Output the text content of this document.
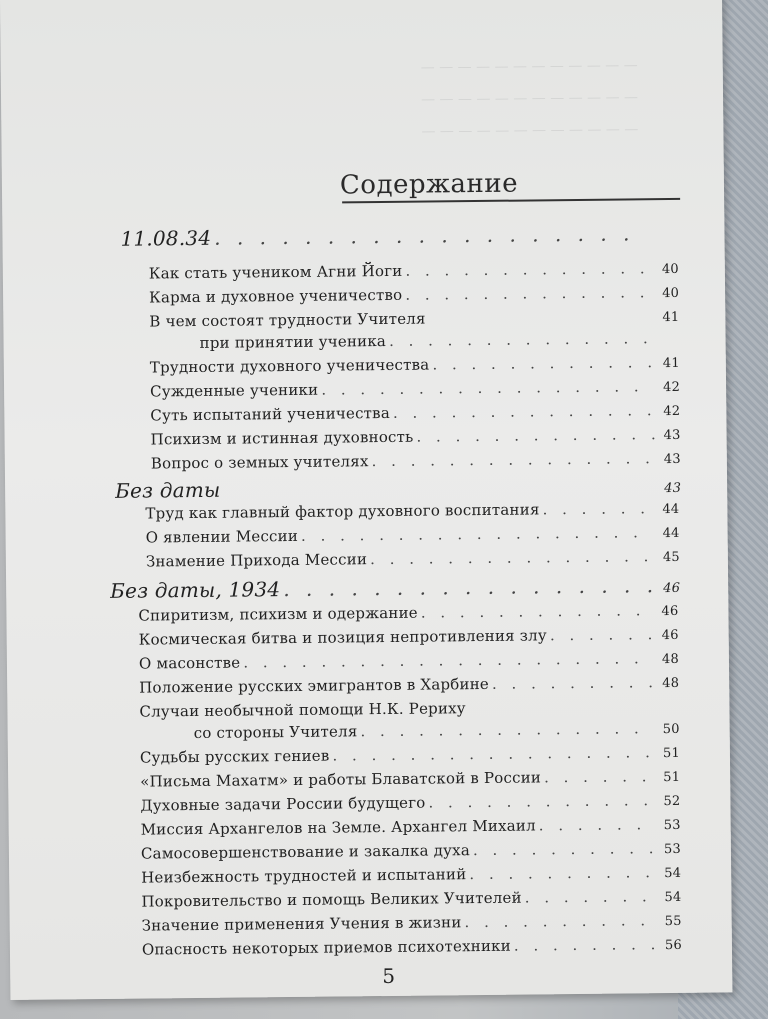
— — — — — — — — — — — —
— — — — — — — — — — — —
— — — — — — — — — — — —
Содержание
11.08.34
. . .
Как стать учеником Агни Йоги . . .	40
Карма и духовное ученичество . . .	40
В чем состоят трудности Учителя	41
при принятии ученика
. . .
Трудности духовного ученичества . . .	41
Сужденные ученики . . .	42
Суть испытаний ученичества . . .	42
Психизм и истинная духовность . . .	43
Вопрос о земных учителях . . .	43
Без даты	43
Труд как главный фактор духовного воспитания . . .	44
О явлении Мессии . . .	44
Знамение Прихода Мессии . . .	45
Без даты, 1934 . . .	46
Спиритизм, психизм и одержание . . .	46
Космическая битва и позиция непротивления злу . . .	46
О масонстве . . .	48
Положение русских эмигрантов в Харбине . . .	48
Случаи необычной помощи Н.К. Рериху
со стороны Учителя . . .	50
Судьбы русских гениев . . .	51
«Письма Махатм» и работы Блаватской в России . . .	51
Духовные задачи России будущего . . .	52
Миссия Архангелов на Земле. Архангел Михаил . . .	53
Самосовершенствование и закалка духа . . .	53
Неизбежность трудностей и испытаний . . .	54
Покровительство и помощь Великих Учителей . . .	54
Значение применения Учения в жизни . . .	55
Опасность некоторых приемов психотехники . . .	56
5
